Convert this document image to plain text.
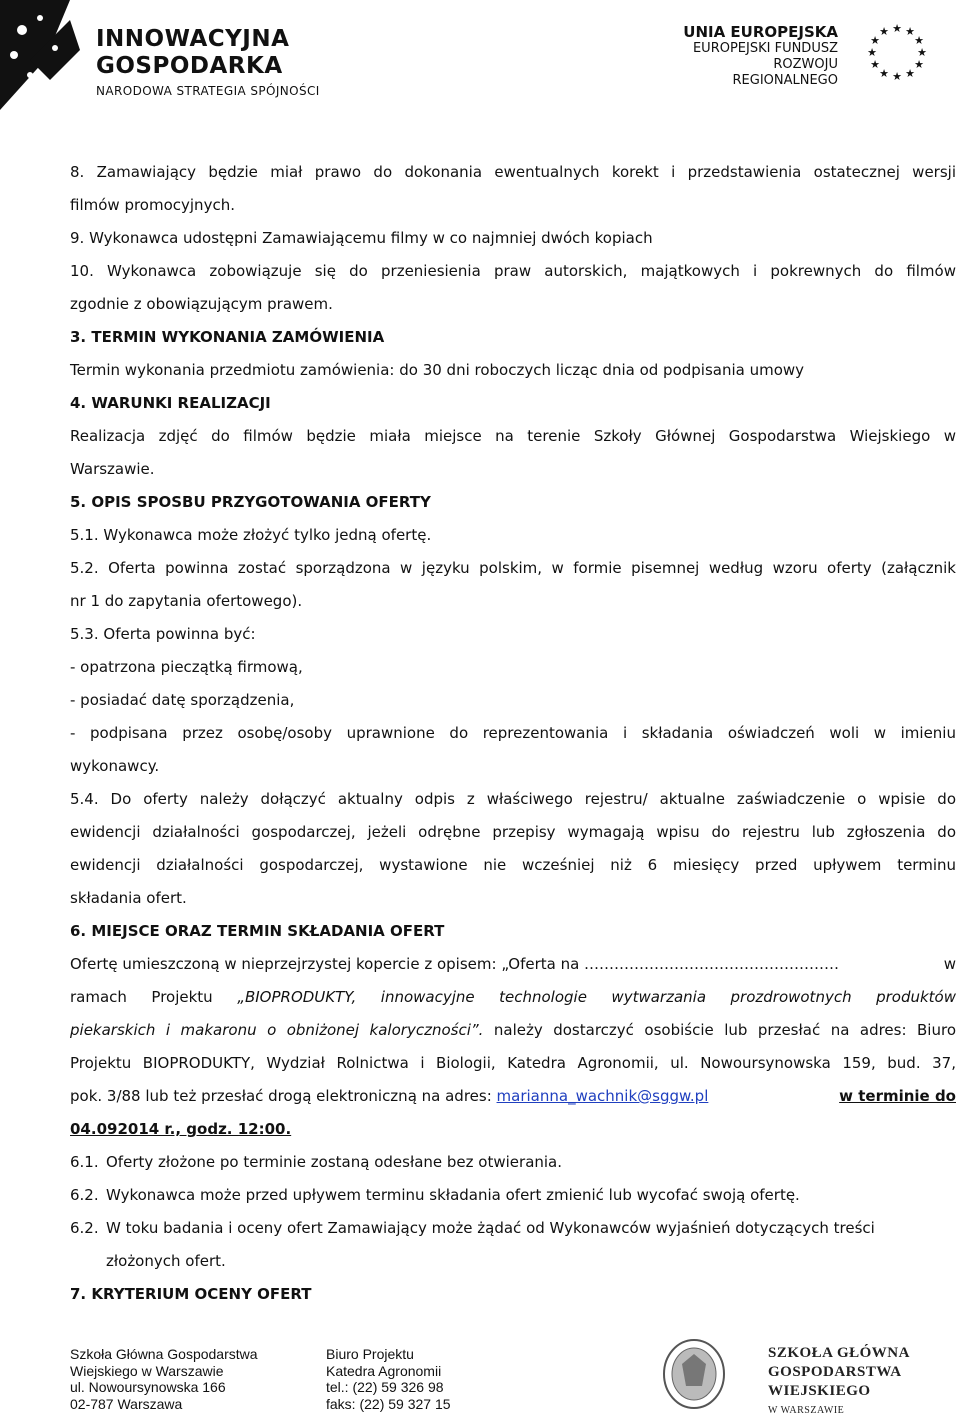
INNOWACYJNA
GOSPODARKA
NARODOWA STRATEGIA SPÓJNOŚCI
UNIA EUROPEJSKA
EUROPEJSKI FUNDUSZ
ROZWOJU REGIONALNEGO
★ ★
★
★
★
★
★
★
★
★
★
★
8. Zamawiający będzie miał prawo do dokonania ewentualnych korekt i przedstawienia ostatecznej wersji
filmów promocyjnych.
9. Wykonawca udostępni Zamawiającemu filmy w co najmniej dwóch kopiach
10. Wykonawca zobowiązuje się do przeniesienia praw autorskich, majątkowych i pokrewnych do filmów
zgodnie z obowiązującym prawem.
3. TERMIN WYKONANIA ZAMÓWIENIA
Termin wykonania przedmiotu zamówienia: do 30 dni roboczych licząc dnia od podpisania umowy
4. WARUNKI REALIZACJI
Realizacja zdjęć do filmów będzie miała miejsce na terenie Szkoły Głównej Gospodarstwa Wiejskiego w
Warszawie.
5. OPIS SPOSBU PRZYGOTOWANIA OFERTY
5.1. Wykonawca może złożyć tylko jedną ofertę.
5.2. Oferta powinna zostać sporządzona w języku polskim, w formie pisemnej według wzoru oferty (załącznik
nr 1 do zapytania ofertowego).
5.3. Oferta powinna być:
- opatrzona pieczątką firmową,
- posiadać datę sporządzenia,
- podpisana przez osobę/osoby uprawnione do reprezentowania i składania oświadczeń woli w imieniu
wykonawcy.
5.4. Do oferty należy dołączyć aktualny odpis z właściwego rejestru/ aktualne zaświadczenie o wpisie do
ewidencji działalności gospodarczej, jeżeli odrębne przepisy wymagają wpisu do rejestru lub zgłoszenia do
ewidencji działalności gospodarczej, wystawione nie wcześniej niż 6 miesięcy przed upływem terminu
składania ofert.
6. MIEJSCE ORAZ TERMIN SKŁADANIA OFERT
Ofertę umieszczoną w nieprzejrzystej kopercie z opisem: „Oferta na ……………………………………………	w
ramach Projektu „BIOPRODUKTY, innowacyjne technologie wytwarzania prozdrowotnych produktów
piekarskich i makaronu o obniżonej kaloryczności”. należy dostarczyć osobiście lub przesłać na adres: Biuro
Projektu BIOPRODUKTY, Wydział Rolnictwa i Biologii, Katedra Agronomii, ul. Nowoursynowska 159, bud. 37,
pok. 3/88 lub też przesłać drogą elektroniczną na adres: marianna_wachnik@sggw.pl	w terminie do
04.092014 r., godz. 12:00.
6.1. Oferty złożone po terminie zostaną odesłane bez otwierania.
6.2. Wykonawca może przed upływem terminu składania ofert zmienić lub wycofać swoją ofertę.
6.2. W toku badania i oceny ofert Zamawiający może żądać od Wykonawców wyjaśnień dotyczących treści
złożonych ofert.
7. KRYTERIUM OCENY OFERT
Szkoła Główna Gospodarstwa
Wiejskiego w Warszawie
ul. Nowoursynowska 166
02-787 Warszawa
Biuro Projektu
Katedra Agronomii
tel.: (22) 59 326 98
faks: (22) 59 327 15
SZKOŁA GŁÓWNA
GOSPODARSTWA
WIEJSKIEGO
W WARSZAWIE
